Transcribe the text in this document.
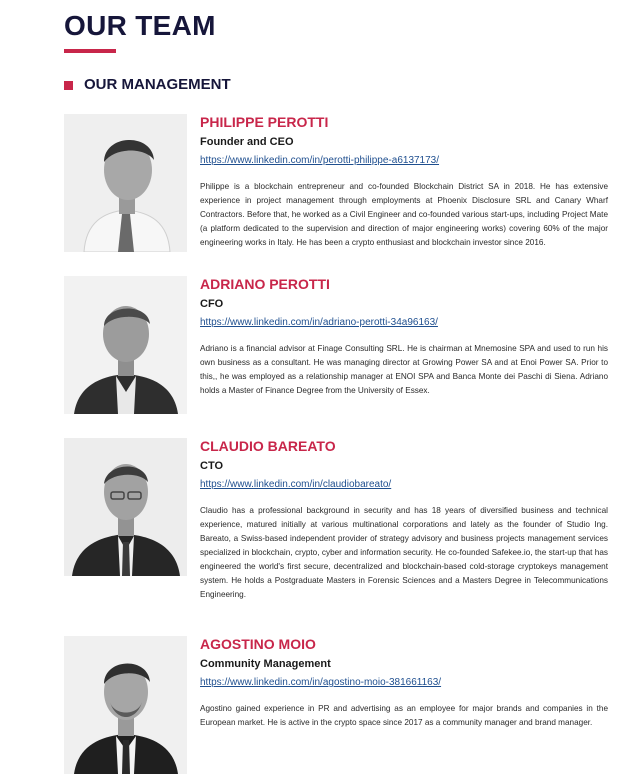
OUR TEAM
OUR MANAGEMENT
PHILIPPE PEROTTI
Founder and CEO
https://www.linkedin.com/in/perotti-philippe-a6137173/

Philippe is a blockchain entrepreneur and co-founded Blockchain District SA in 2018. He has extensive experience in project management through employments at Phoenix Disclosure SRL and Canary Wharf Contractors. Before that, he worked as a Civil Engineer and co-founded various start-ups, including Project Mate (a platform dedicated to the supervision and direction of major engineering works) covering 60% of the major engineering works in Italy. He has been a crypto enthusiast and blockchain investor since 2016.

ADRIANO PEROTTI
CFO
https://www.linkedin.com/in/adriano-perotti-34a96163/

Adriano is a financial advisor at Finage Consulting SRL. He is chairman at Mnemosine SPA and used to run his own business as a consultant. He was managing director at Growing Power SA and at Enoi Power SA. Prior to this,, he was employed as a relationship manager at ENOI SPA and Banca Monte dei Paschi di Siena. Adriano holds a Master of Finance Degree from the University of Essex.

CLAUDIO BAREATO
CTO
https://www.linkedin.com/in/claudiobareato/

Claudio has a professional background in security and has 18 years of diversified business and technical experience, matured initially at various multinational corporations and lately as the founder of Studio Ing. Bareato, a Swiss-based independent provider of strategy advisory and business projects management services specialized in blockchain, crypto, cyber and information security. He co-founded Safekee.io, the start-up that has engineered the world's first secure, decentralized and blockchain-based cold-storage cryptokeys management system. He holds a Postgraduate Masters in Forensic Sciences and a Masters Degree in Telecommunications Engineering.

AGOSTINO MOIO
Community Management
https://www.linkedin.com/in/agostino-moio-381661163/

Agostino gained experience in PR and advertising as an employee for major brands and companies in the European market. He is active in the crypto space since 2017 as a community manager and brand manager.
